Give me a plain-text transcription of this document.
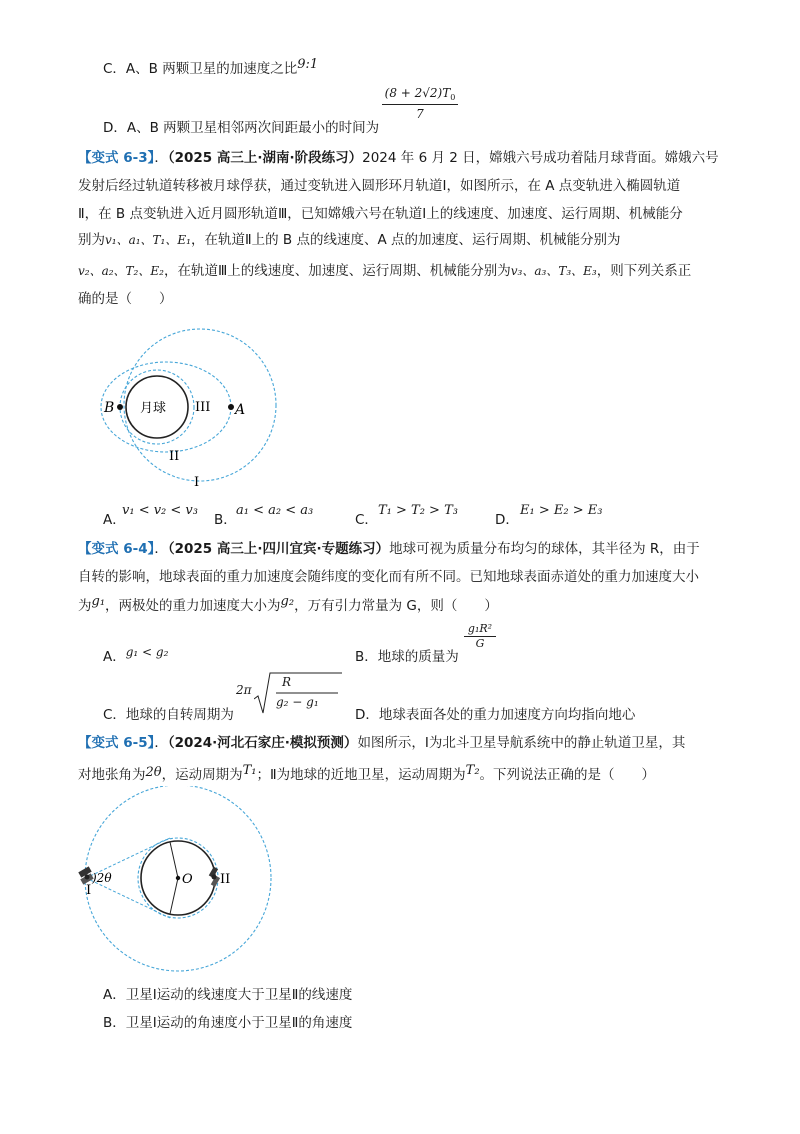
C．A、B 两颗卫星的加速度之比9:1
D．A、B 两颗卫星相邻两次间距最小的时间为
$(8 + 2√2)T_0$
7
【变式 6-3】．（2025 高三上·湖南·阶段练习）2024 年 6 月 2 日，嫦娥六号成功着陆月球背面。嫦娥六号
发射后经过轨道转移被月球俘获，通过变轨进入圆形环月轨道Ⅰ，如图所示，在 A 点变轨进入椭圆轨道
Ⅱ，在 B 点变轨进入近月圆形轨道Ⅲ，已知嫦娥六号在轨道Ⅰ上的线速度、加速度、运行周期、机械能分
别为v₁、a₁、T₁、E₁，在轨道Ⅱ上的 B 点的线速度、A 点的加速度、运行周期、机械能分别为
v₂、a₂、T₂、E₂，在轨道Ⅲ上的线速度、加速度、运行周期、机械能分别为v₃、a₃、T₃、E₃，则下列关系正
确的是（　　）
B	A
月球 III
II
I
A．
v₁ < v₂ < v₃
B．
a₁ < a₂ < a₃
C．
T₁ > T₂ > T₃
D．
E₁ > E₂ > E₃
【变式 6-4】．（2025 高三上·四川宜宾·专题练习）地球可视为质量分布均匀的球体，其半径为 R，由于
自转的影响，地球表面的重力加速度会随纬度的变化而有所不同。已知地球表面赤道处的重力加速度大小
为g₁，两极处的重力加速度大小为g₂，万有引力常量为 G，则（　　）
A．g₁ < g₂	B．地球的质量为
$\frac{\text{g₁R²}}{G}$
C．地球的自转周期为
2π
R
g₂ − g₁
D．地球表面各处的重力加速度方向均指向地心
【变式 6-5】．（2024·河北石家庄·模拟预测）如图所示，Ⅰ为北斗卫星导航系统中的静止轨道卫星，其
对地张角为2θ，运动周期为T₁；Ⅱ为地球的近地卫星，运动周期为T₂。下列说法正确的是（　　）
I
)2θ	O II
A．卫星Ⅰ运动的线速度大于卫星Ⅱ的线速度
B．卫星Ⅰ运动的角速度小于卫星Ⅱ的角速度
